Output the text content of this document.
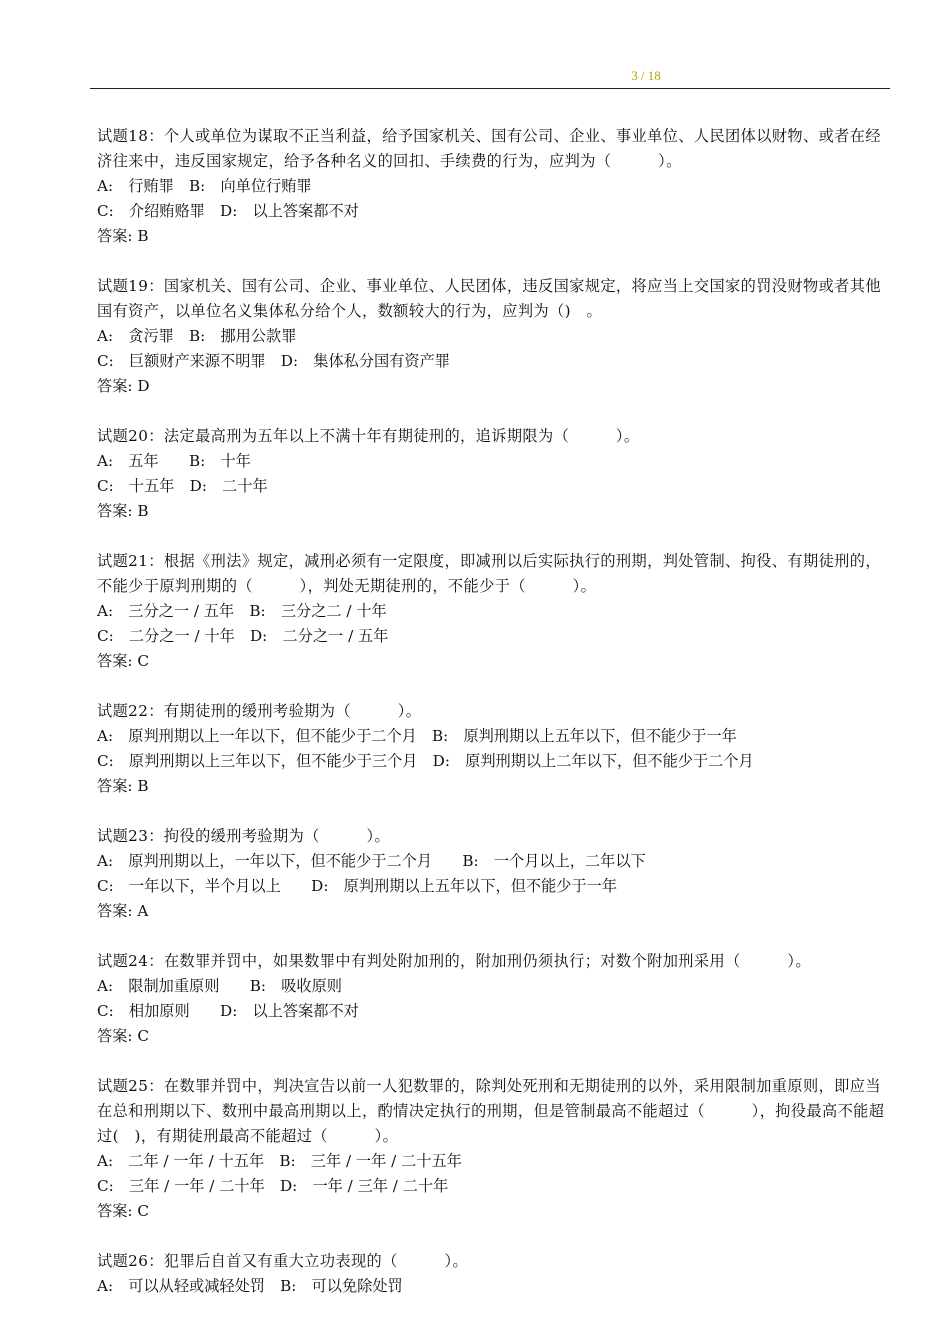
3 / 18
试题18：个人或单位为谋取不正当利益，给予国家机关、国有公司、企业、事业单位、人民团体以财物、或者在经济往来中，违反国家规定，给予各种名义的回扣、手续费的行为，应判为（　　　）。
A:　行贿罪　B:　向单位行贿罪
C:　介绍贿赂罪　D:　以上答案都不对
答案: B
试题19：国家机关、国有公司、企业、事业单位、人民团体，违反国家规定，将应当上交国家的罚没财物或者其他国有资产，以单位名义集体私分给个人，数额较大的行为，应判为（)　。
A:　贪污罪　B:　挪用公款罪
C:　巨额财产来源不明罪　D:　集体私分国有资产罪
答案: D
试题20：法定最高刑为五年以上不满十年有期徒刑的，追诉期限为（　　　）。
A:　五年　　B:　十年
C:　十五年　D:　二十年
答案: B
试题21：根据《刑法》规定，减刑必须有一定限度，即减刑以后实际执行的刑期，判处管制、拘役、有期徒刑的，不能少于原判刑期的（　　　），判处无期徒刑的，不能少于（　　　）。
A:　三分之一 / 五年　B:　三分之二 / 十年
C:　二分之一 / 十年　D:　二分之一 / 五年
答案: C
试题22：有期徒刑的缓刑考验期为（　　　）。
A:　原判刑期以上一年以下，但不能少于二个月　B:　原判刑期以上五年以下，但不能少于一年
C:　原判刑期以上三年以下，但不能少于三个月　D:　原判刑期以上二年以下，但不能少于二个月
答案: B
试题23：拘役的缓刑考验期为（　　　）。
A:　原判刑期以上，一年以下，但不能少于二个月　　B:　一个月以上，二年以下
C:　一年以下，半个月以上　　D:　原判刑期以上五年以下，但不能少于一年
答案: A
试题24：在数罪并罚中，如果数罪中有判处附加刑的，附加刑仍须执行；对数个附加刑采用（　　　）。
A:　限制加重原则　　B:　吸收原则
C:　相加原则　　D:　以上答案都不对
答案: C
试题25：在数罪并罚中，判决宣告以前一人犯数罪的，除判处死刑和无期徒刑的以外，采用限制加重原则，即应当在总和刑期以下、数刑中最高刑期以上，酌情决定执行的刑期，但是管制最高不能超过（　　　），拘役最高不能超过(　)，有期徒刑最高不能超过（　　　）。
A:　二年 / 一年 / 十五年　B:　三年 / 一年 / 二十五年
C:　三年 / 一年 / 二十年　D:　一年 / 三年 / 二十年
答案: C
试题26：犯罪后自首又有重大立功表现的（　　　）。
A:　可以从轻或减轻处罚　B:　可以免除处罚
